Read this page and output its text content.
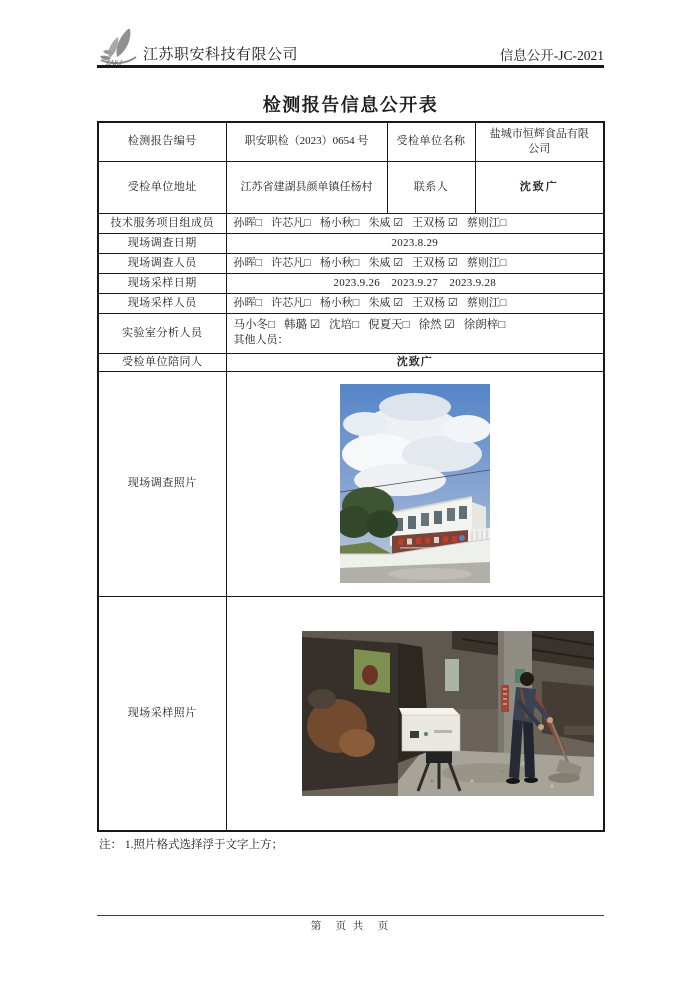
ZAKJ 江苏职安科技有限公司	信息公开-JC-2021
检测报告信息公开表
检测报告编号	职安职检（2023）0654 号	受检单位名称	盐城市恒辉食品有限公司
受检单位地址	江苏省建湖县颜单镇任杨村	联系人	沈致广
技术服务项目组成员	孙晖□ 许芯凡□ 杨小秋□ 朱威 ☑ 王双杨 ☑ 蔡则江□		
现场调查日期	2023.8.29		
现场调查人员	孙晖□ 许芯凡□ 杨小秋□ 朱威 ☑ 王双杨 ☑ 蔡则江□		
现场采样日期	2023.9.26　2023.9.27　2023.9.28		
现场采样人员	孙晖□ 许芯凡□ 杨小秋□ 朱威 ☑ 王双杨 ☑ 蔡则江□		
实验室分析人员	马小冬□ 韩璐 ☑ 沈培□ 倪夏天□ 徐然 ☑ 徐朗梓□
其他人员：		

受检单位陪同人	沈致广		
现场调查照片	
现场采样照片	
注： 1.照片格式选择浮于文字上方；
第　页 共　页
